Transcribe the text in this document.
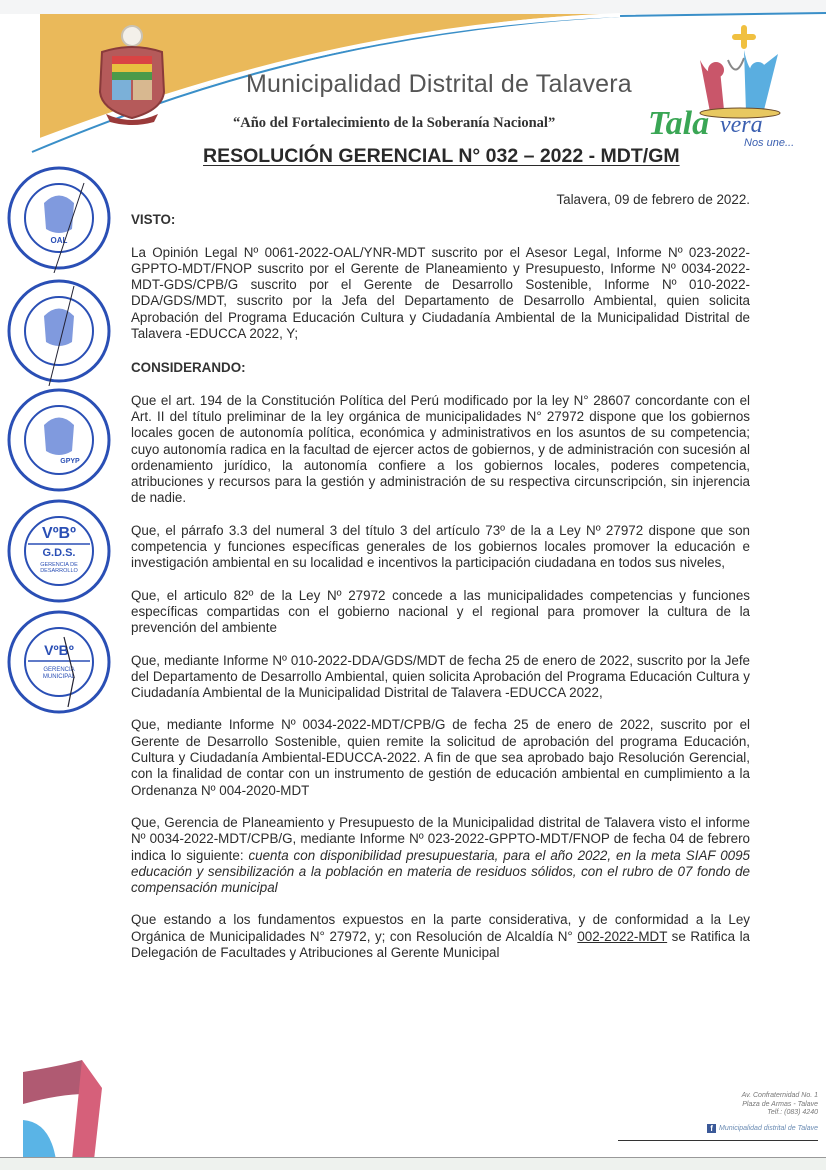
Tala vera
Nos une...
Municipalidad Distrital de Talavera
“Año del Fortalecimiento de la Soberanía Nacional”
RESOLUCIÓN GERENCIAL N° 032 – 2022 - MDT/GM
OAL
GPYP
VºBº
G.D.S.
GERENCIA DE
DESARROLLO
VºBº
GERENCIA
MUNICIPAL

Talavera, 09 de febrero de 2022.

VISTO:

La Opinión Legal Nº 0061-2022-OAL/YNR-MDT suscrito por el Asesor Legal, Informe Nº 023-2022-GPPTO-MDT/FNOP suscrito por el Gerente de Planeamiento y Presupuesto, Informe Nº 0034-2022-MDT-GDS/CPB/G suscrito por el Gerente de Desarrollo Sostenible, Informe Nº 010-2022-DDA/GDS/MDT, suscrito por la Jefa del Departamento de Desarrollo Ambiental, quien solicita Aprobación del Programa Educación Cultura y Ciudadanía Ambiental de la Municipalidad Distrital de Talavera -EDUCCA 2022, Y;

CONSIDERANDO:

Que el art. 194 de la Constitución Política del Perú modificado por la ley N° 28607 concordante con el Art. II del título preliminar de la ley orgánica de municipalidades N° 27972 dispone que los gobiernos locales gocen de autonomía política, económica y administrativos en los asuntos de su competencia; cuyo autonomía radica en la facultad de ejercer actos de gobiernos, y de administración con sucesión al ordenamiento jurídico, la autonomía confiere a los gobiernos locales, poderes competencia, atribuciones y recursos para la gestión y administración de su respectiva circunscripción, sin injerencia de nadie.

Que, el párrafo 3.3 del numeral 3 del título 3 del artículo 73º de la a Ley Nº 27972 dispone que son competencia y funciones específicas generales de los gobiernos locales promover la educación e investigación ambiental en su localidad e incentivos la participación ciudadana en todos sus niveles,

Que, el articulo 82º de la Ley Nº 27972 concede a las municipalidades competencias y funciones específicas compartidas con el gobierno nacional y el regional para promover la cultura de la prevención del ambiente

Que, mediante Informe Nº 010-2022-DDA/GDS/MDT de fecha 25 de enero de 2022, suscrito por la Jefe del Departamento de Desarrollo Ambiental, quien solicita Aprobación del Programa Educación Cultura y Ciudadanía Ambiental de la Municipalidad Distrital de Talavera -EDUCCA 2022,

Que, mediante Informe Nº 0034-2022-MDT/CPB/G de fecha 25 de enero de 2022, suscrito por el Gerente de Desarrollo Sostenible, quien remite la solicitud de aprobación del programa Educación, Cultura y Ciudadanía Ambiental-EDUCCA-2022. A fin de que sea aprobado bajo Resolución Gerencial, con la finalidad de contar con un instrumento de gestión de educación ambiental en cumplimiento a la Ordenanza Nº 004-2020-MDT

Que, Gerencia de Planeamiento y Presupuesto de la Municipalidad distrital de Talavera visto el informe Nº 0034-2022-MDT/CPB/G, mediante Informe Nº 023-2022-GPPTO-MDT/FNOP de fecha 04 de febrero indica lo siguiente: cuenta con disponibilidad presupuestaria, para el año 2022, en la meta SIAF 0095 educación y sensibilización a la población en materia de residuos sólidos, con el rubro de 07 fondo de compensación municipal

Que estando a los fundamentos expuestos en la parte considerativa, y de conformidad a la Ley Orgánica de Municipalidades N° 27972, y; con Resolución de Alcaldía N° 002-2022-MDT se Ratifica la Delegación de Facultades y Atribuciones al Gerente Municipal

Av. Confraternidad No. 1
Plaza de Armas - Talave
Telf.: (083) 4240
f Municipalidad distrital de Talave
